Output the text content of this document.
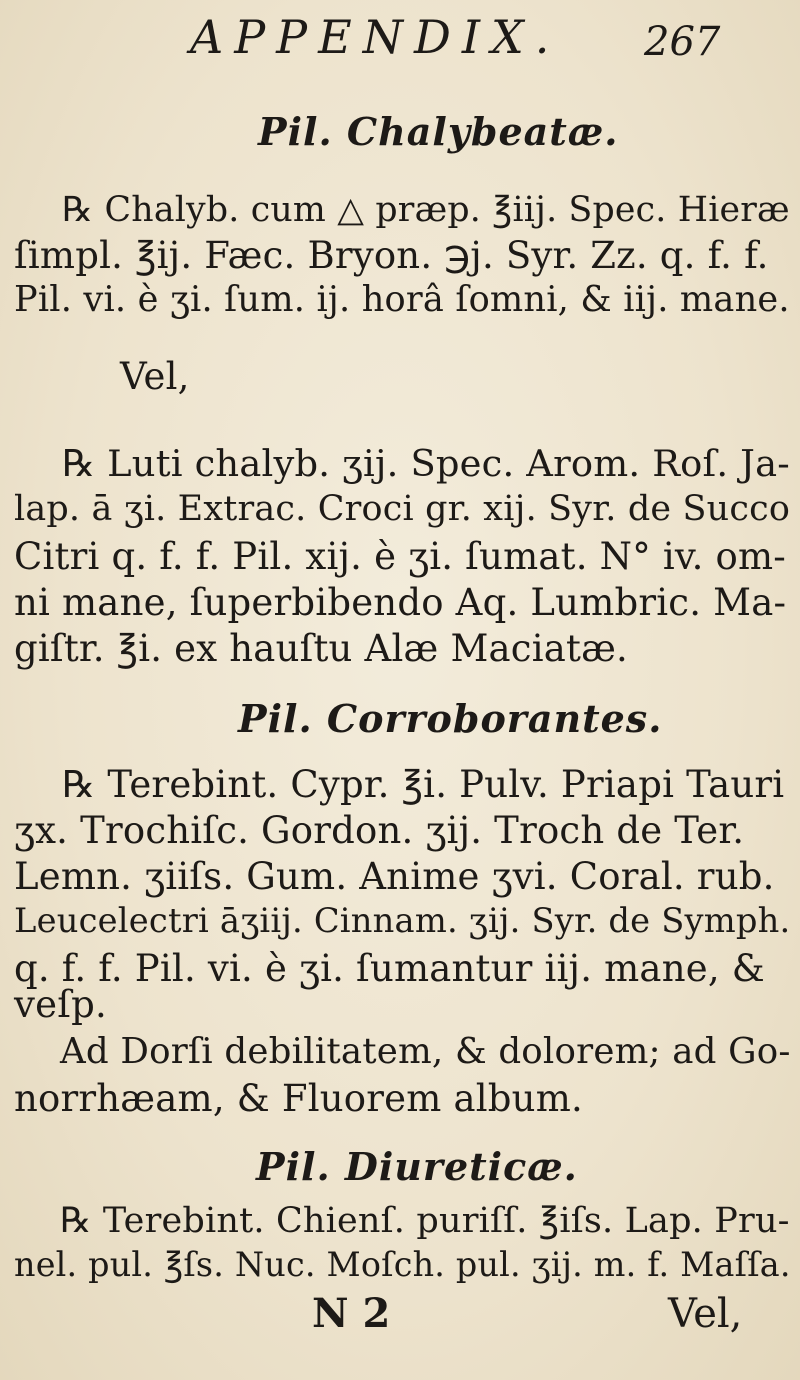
APPENDIX. 267
Pil. Chalybeatæ.
℞ Chalyb. cum △ præp. ℥iij. Spec. Hieræ
ſimpl. ℥ij. Fæc. Bryon. ℈j. Syr. Zz. q. f. f.
Pil. vi. è ʒi. ſum. ij. horâ ſomni, & iij. mane.
Vel,
℞ Luti chalyb. ʒij. Spec. Arom. Roſ. Ja-
lap. ā ʒi. Extrac. Croci gr. xij. Syr. de Succo
Citri q. f. f. Pil. xij. è ʒi. ſumat. N° iv. om-
ni mane, ſuperbibendo Aq. Lumbric. Ma-
giſtr. ℥i. ex hauſtu Alæ Maciatæ.
Pil. Corroborantes.
℞ Terebint. Cypr. ℥i. Pulv. Priapi Tauri
ʒx. Trochiſc. Gordon. ʒij. Troch de Ter.
Lemn. ʒiiſs. Gum. Anime ʒvi. Coral. rub.
Leucelectri āʒiij. Cinnam. ʒij. Syr. de Symph.
q. f. f. Pil. vi. è ʒi. ſumantur iij. mane, &
veſp.
Ad Dorſi debilitatem, & dolorem; ad Go-
norrhæam, & Fluorem album.
Pil. Diureticæ.
℞ Terebint. Chienſ. puriſſ. ℥iſs. Lap. Pru-
nel. pul. ℥ſs. Nuc. Moſch. pul. ʒij. m. f. Maſſa.
N 2	Vel,
